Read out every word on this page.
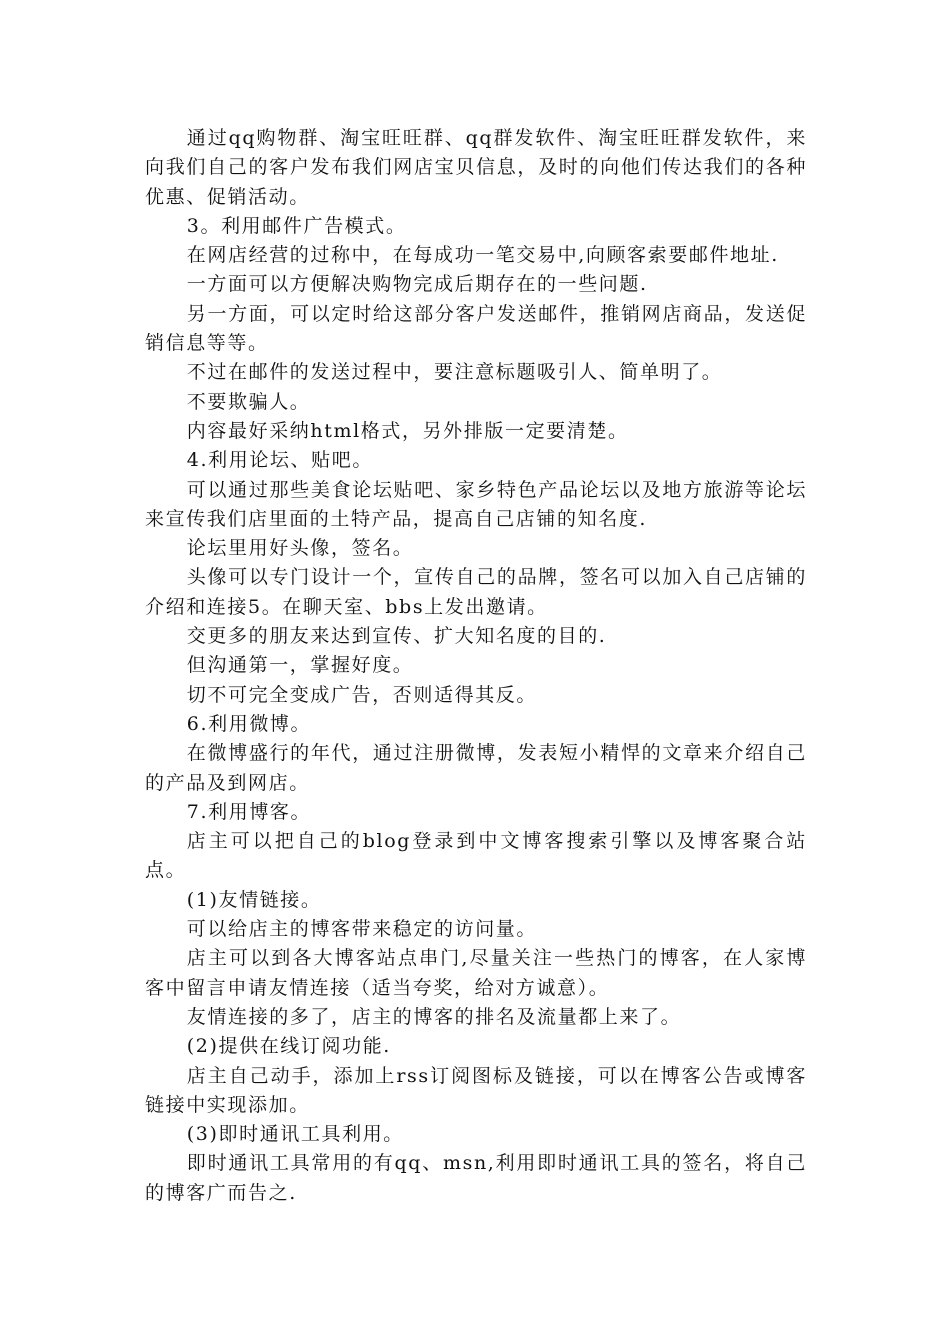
通过qq购物群、淘宝旺旺群、qq群发软件、淘宝旺旺群发软件，来向我们自己的客户发布我们网店宝贝信息，及时的向他们传达我们的各种优惠、促销活动。

3。利用邮件广告模式。

在网店经营的过称中，在每成功一笔交易中,向顾客索要邮件地址.

一方面可以方便解决购物完成后期存在的一些问题.

另一方面，可以定时给这部分客户发送邮件，推销网店商品，发送促销信息等等。

不过在邮件的发送过程中，要注意标题吸引人、简单明了。

不要欺骗人。

内容最好采纳html格式，另外排版一定要清楚。

4.利用论坛、贴吧。

可以通过那些美食论坛贴吧、家乡特色产品论坛以及地方旅游等论坛来宣传我们店里面的土特产品，提高自己店铺的知名度.

论坛里用好头像，签名。

头像可以专门设计一个，宣传自己的品牌，签名可以加入自己店铺的介绍和连接5。在聊天室、bbs上发出邀请。

交更多的朋友来达到宣传、扩大知名度的目的.

但沟通第一，掌握好度。

切不可完全变成广告，否则适得其反。

6.利用微博。

在微博盛行的年代，通过注册微博，发表短小精悍的文章来介绍自己的产品及到网店。

7.利用博客。

店主可以把自己的blog登录到中文博客搜索引擎以及博客聚合站点。

(1)友情链接。

可以给店主的博客带来稳定的访问量。

店主可以到各大博客站点串门,尽量关注一些热门的博客，在人家博客中留言申请友情连接（适当夸奖，给对方诚意）。

友情连接的多了，店主的博客的排名及流量都上来了。

(2)提供在线订阅功能.

店主自己动手，添加上rss订阅图标及链接，可以在博客公告或博客链接中实现添加。

(3)即时通讯工具利用。

即时通讯工具常用的有qq、msn,利用即时通讯工具的签名，将自己的博客广而告之.
